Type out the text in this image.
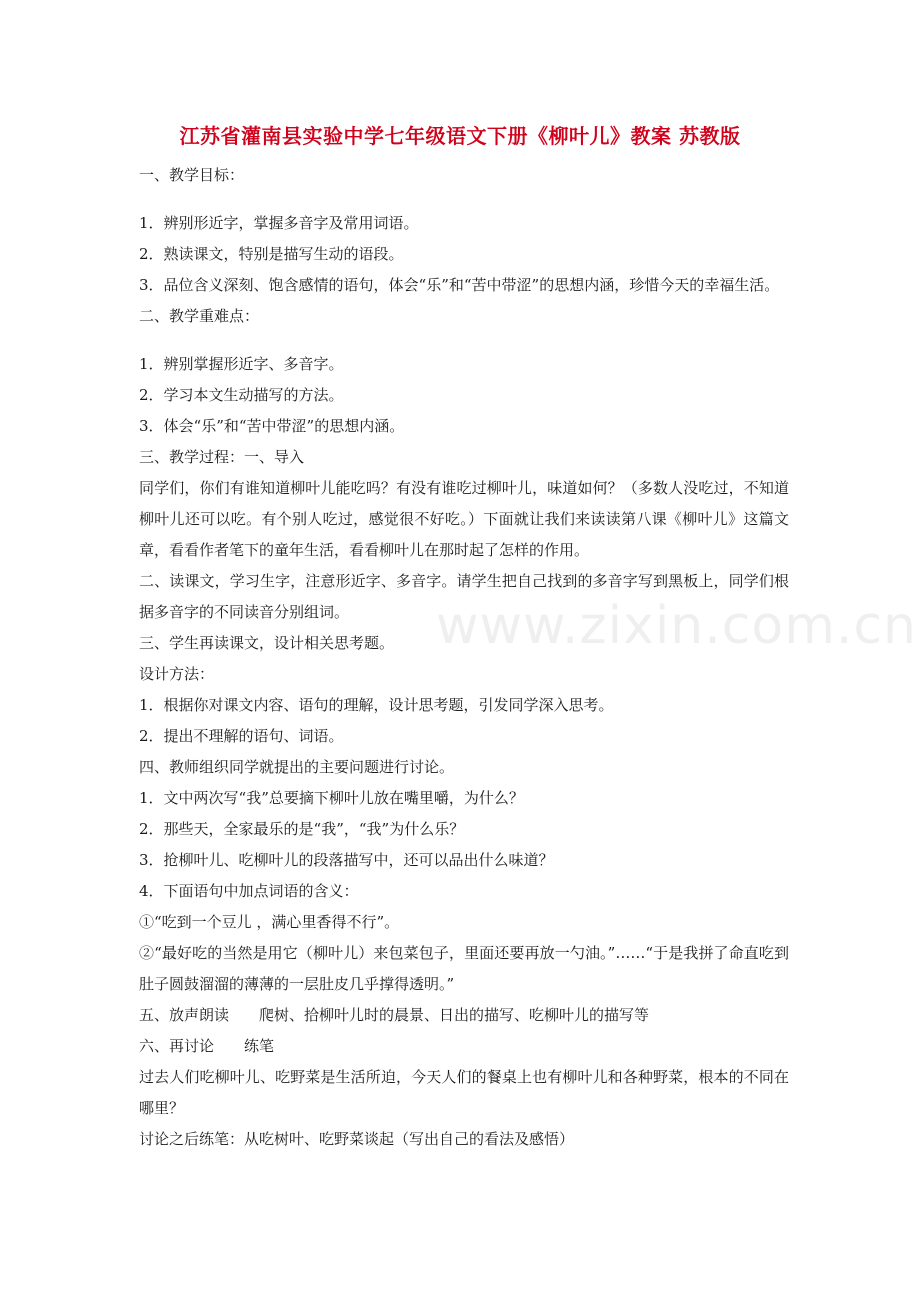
江苏省灌南县实验中学七年级语文下册《柳叶儿》教案 苏教版
一、教学目标：
1．辨别形近字，掌握多音字及常用词语。
2．熟读课文，特别是描写生动的语段。
3．品位含义深刻、饱含感情的语句，体会“乐”和“苦中带涩”的思想内涵，珍惜今天的幸福生活。
二、教学重难点：
1．辨别掌握形近字、多音字。
2．学习本文生动描写的方法。
3．体会“乐”和“苦中带涩”的思想内涵。
三、教学过程：一、导入
同学们，你们有谁知道柳叶儿能吃吗？有没有谁吃过柳叶儿，味道如何？（多数人没吃过，不知道柳叶儿还可以吃。有个别人吃过，感觉很不好吃。）下面就让我们来读读第八课《柳叶儿》这篇文章，看看作者笔下的童年生活，看看柳叶儿在那时起了怎样的作用。
二、读课文，学习生字，注意形近字、多音字。请学生把自己找到的多音字写到黑板上，同学们根据多音字的不同读音分别组词。
三、学生再读课文，设计相关思考题。
设计方法：
1．根据你对课文内容、语句的理解，设计思考题，引发同学深入思考。
2．提出不理解的语句、词语。
四、教师组织同学就提出的主要问题进行讨论。
1．文中两次写“我”总要摘下柳叶儿放在嘴里嚼，为什么？
2．那些天，全家最乐的是“我”，“我”为什么乐？
3．抢柳叶儿、吃柳叶儿的段落描写中，还可以品出什么味道？
4．下面语句中加点词语的含义：
①“吃到一个豆儿 ，满心里香得不行”。
②“最好吃的当然是用它（柳叶儿）来包菜包子，里面还要再放一勺油。”……“于是我拼了命直吃到肚子圆鼓溜溜的薄薄的一层肚皮几乎撑得透明。”
五、放声朗读　　爬树、拾柳叶儿时的晨景、日出的描写、吃柳叶儿的描写等
六、再讨论　　练笔
过去人们吃柳叶儿、吃野菜是生活所迫，今天人们的餐桌上也有柳叶儿和各种野菜，根本的不同在哪里？
讨论之后练笔：从吃树叶、吃野菜谈起（写出自己的看法及感悟）
www.zixin.com.cn
